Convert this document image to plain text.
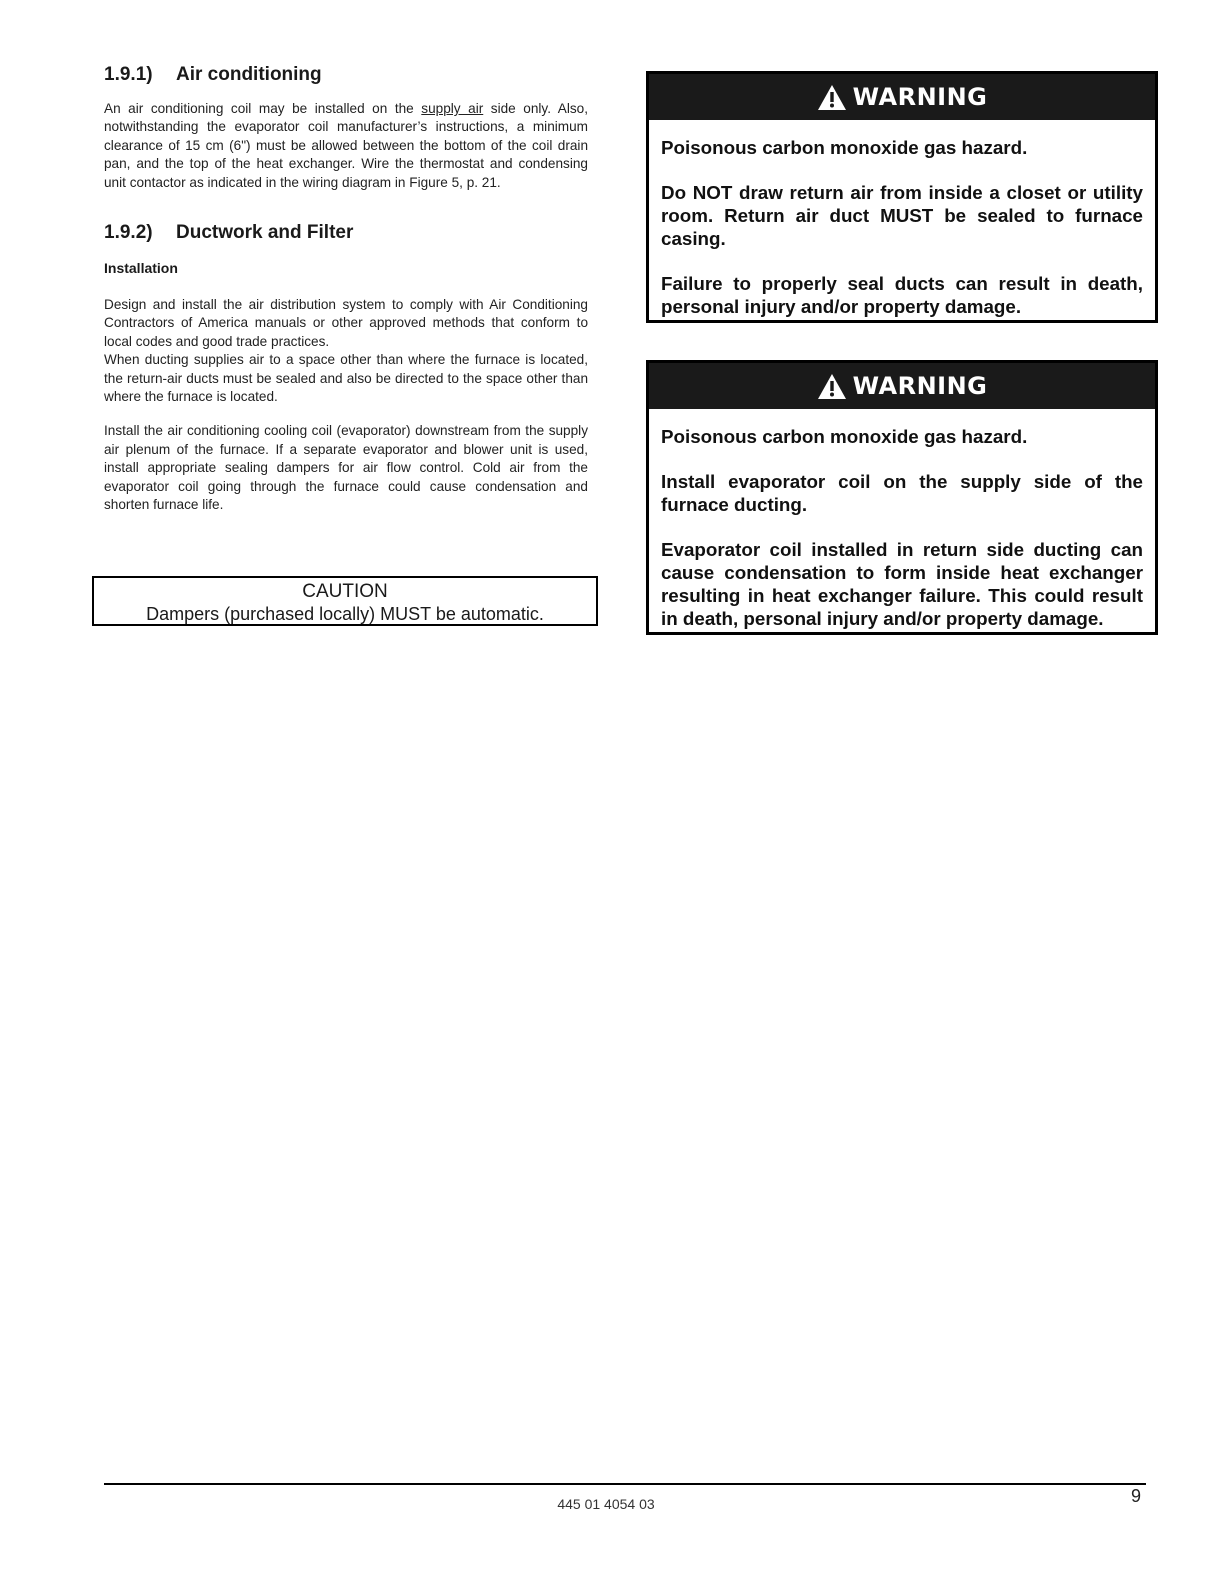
1.9.1)	Air conditioning

An air conditioning coil may be installed on the supply air side only. Also, notwithstanding the evaporator coil manufacturer’s instructions, a minimum clearance of 15 cm (6") must be allowed between the bottom of the coil drain pan, and the top of the heat exchanger. Wire the thermostat and condensing unit contactor as indicated in the wiring diagram in Figure 5, p. 21.

1.9.2)	Ductwork and Filter

Installation

Design and install the air distribution system to comply with Air Conditioning Contractors of America manuals or other approved methods that conform to local codes and good trade practices.

When ducting supplies air to a space other than where the furnace is located, the return-air ducts must be sealed and also be directed to the space other than where the furnace is located.

Install the air conditioning cooling coil (evaporator) downstream from the supply air plenum of the furnace. If a separate evaporator and blower unit is used, install appropriate sealing dampers for air flow control. Cold air from the evaporator coil going through the furnace could cause condensation and shorten furnace life.

CAUTION
Dampers (purchased locally) MUST be automatic.
WARNING

Poisonous carbon monoxide gas hazard.

Do NOT draw return air from inside a closet or utility room. Return air duct MUST be sealed to furnace casing.

Failure to properly seal ducts can result in death, personal injury and/or property damage.

WARNING

Poisonous carbon monoxide gas hazard.

Install evaporator coil on the supply side of the furnace ducting.

Evaporator coil installed in return side ducting can cause condensation to form inside heat exchanger resulting in heat exchanger failure. This could result in death, personal injury and/or property damage.

445 01 4054 03	9
